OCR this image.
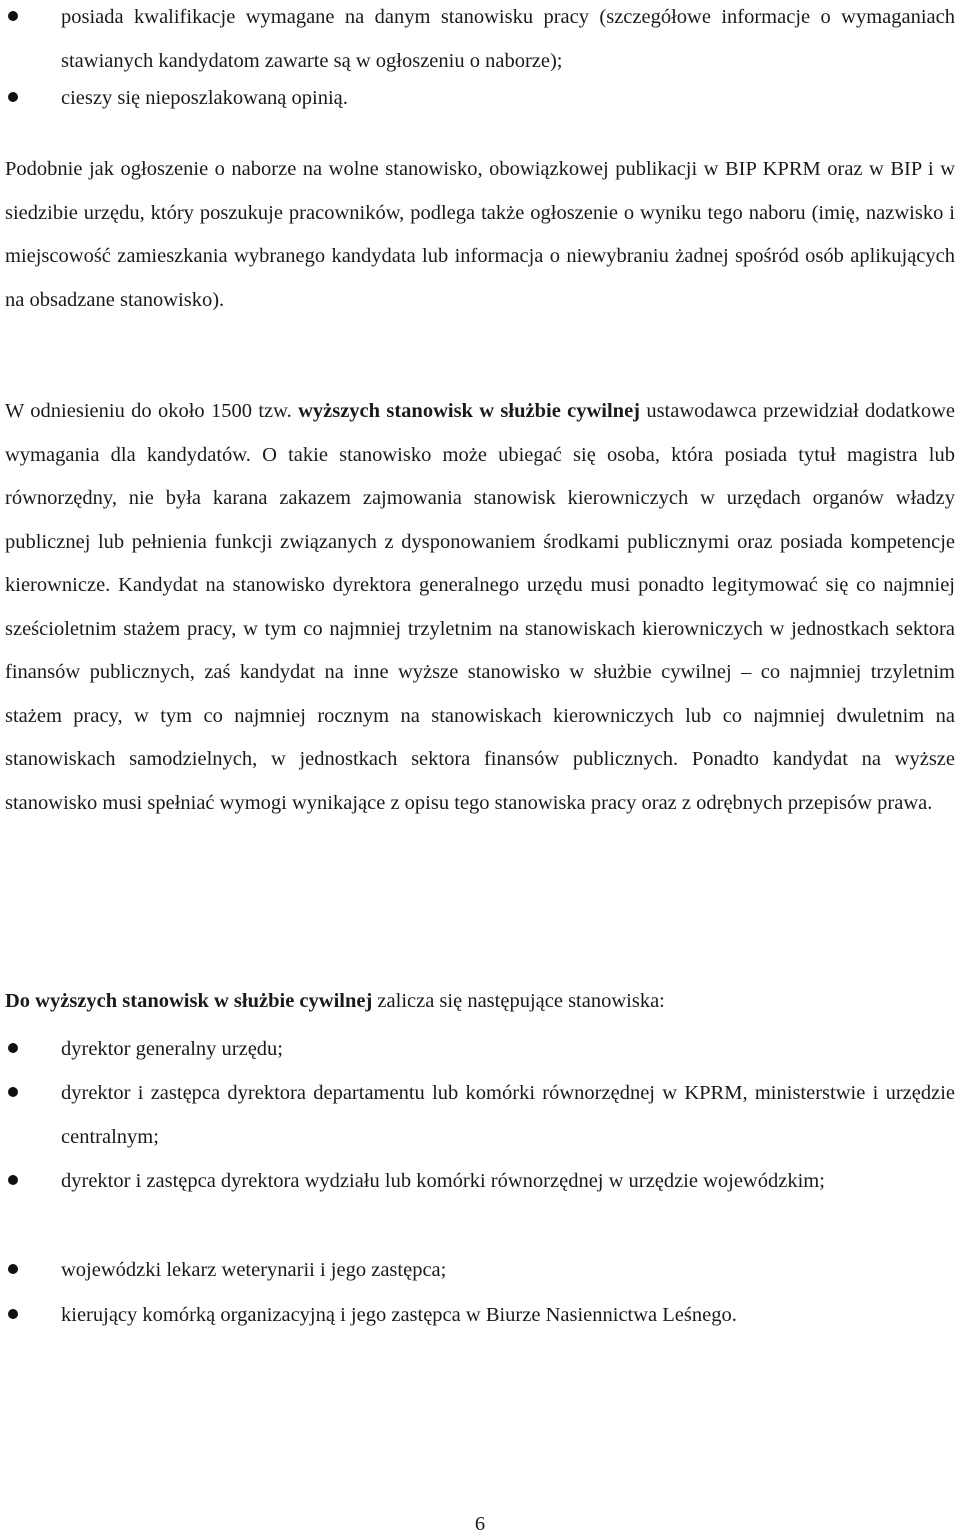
posiada kwalifikacje wymagane na danym stanowisku pracy (szczegółowe informacje o wymaganiach stawianych kandydatom zawarte są w ogłoszeniu o naborze);
cieszy się nieposzlakowaną opinią.
Podobnie jak ogłoszenie o naborze na wolne stanowisko, obowiązkowej publikacji w BIP KPRM oraz w BIP i w siedzibie urzędu, który poszukuje pracowników, podlega także ogłoszenie o wyniku tego naboru (imię, nazwisko i miejscowość zamieszkania wybranego kandydata lub informacja o niewybraniu żadnej spośród osób aplikujących na obsadzane stanowisko).
W odniesieniu do około 1500 tzw. wyższych stanowisk w służbie cywilnej ustawodawca przewidział dodatkowe wymagania dla kandydatów. O takie stanowisko może ubiegać się osoba, która posiada tytuł magistra lub równorzędny, nie była karana zakazem zajmowania stanowisk kierowniczych w urzędach organów władzy publicznej lub pełnienia funkcji związanych z dysponowaniem środkami publicznymi oraz posiada kompetencje kierownicze. Kandydat na stanowisko dyrektora generalnego urzędu musi ponadto legitymować się co najmniej sześcioletnim stażem pracy, w tym co najmniej trzyletnim na stanowiskach kierowniczych w jednostkach sektora finansów publicznych, zaś kandydat na inne wyższe stanowisko w służbie cywilnej – co najmniej trzyletnim stażem pracy, w tym co najmniej rocznym na stanowiskach kierowniczych lub co najmniej dwuletnim na stanowiskach samodzielnych, w jednostkach sektora finansów publicznych. Ponadto kandydat na wyższe stanowisko musi spełniać wymogi wynikające z opisu tego stanowiska pracy oraz z odrębnych przepisów prawa.
Do wyższych stanowisk w służbie cywilnej zalicza się następujące stanowiska:
dyrektor generalny urzędu;
dyrektor i zastępca dyrektora departamentu lub komórki równorzędnej w KPRM, ministerstwie i urzędzie centralnym;
dyrektor i zastępca dyrektora wydziału lub komórki równorzędnej w urzędzie wojewódzkim;
wojewódzki lekarz weterynarii i jego zastępca;
kierujący komórką organizacyjną i jego zastępca w Biurze Nasiennictwa Leśnego.
6
